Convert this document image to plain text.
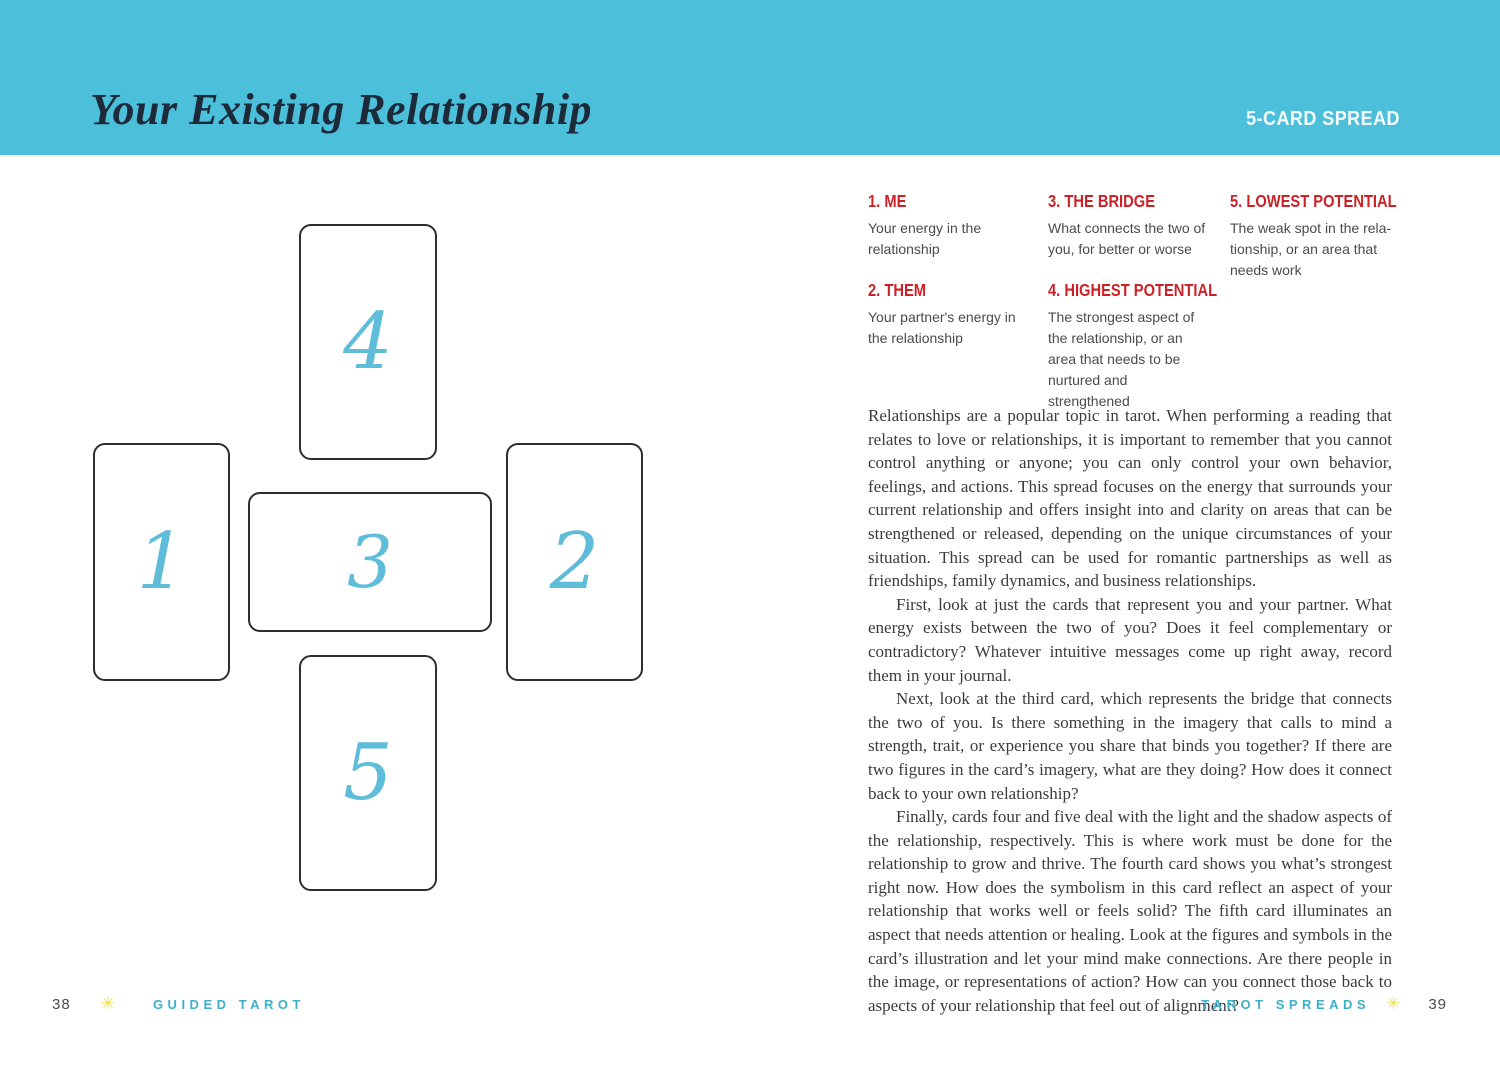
Your Existing Relationship	5-CARD SPREAD
4
1 3 2
5
1. ME

Your energy in the relationship

2. THEM

Your partner's energy in the relationship

3. THE BRIDGE

What connects the two of you, for better or worse

4. HIGHEST POTENTIAL

The strongest aspect of the relationship, or an area that needs to be nurtured and strengthened

5. LOWEST POTENTIAL

The weak spot in the relationship, or an area that needs work

Relationships are a popular topic in tarot. When performing a reading that relates to love or relationships, it is important to remember that you cannot control anything or anyone; you can only control your own behavior, feelings, and actions. This spread focuses on the energy that surrounds your current relationship and offers insight into and clarity on areas that can be strengthened or released, depending on the unique circumstances of your situation. This spread can be used for romantic partnerships as well as friendships, family dynamics, and business relationships.

First, look at just the cards that represent you and your partner. What energy exists between the two of you? Does it feel complementary or contradictory? Whatever intuitive messages come up right away, record them in your journal.

Next, look at the third card, which represents the bridge that connects the two of you. Is there something in the imagery that calls to mind a strength, trait, or experience you share that binds you together? If there are two figures in the card’s imagery, what are they doing? How does it connect back to your own relationship?

Finally, cards four and five deal with the light and the shadow aspects of the relationship, respectively. This is where work must be done for the relationship to grow and thrive. The fourth card shows you what’s strongest right now. How does the symbolism in this card reflect an aspect of your relationship that works well or feels solid? The fifth card illuminates an aspect that needs attention or healing. Look at the figures and symbols in the card’s illustration and let your mind make connections. Are there people in the image, or representations of action? How can you connect those back to aspects of your relationship that feel out of alignment?

38 ✳	GUIDED TAROT	TAROT SPREADS ✳ 39
